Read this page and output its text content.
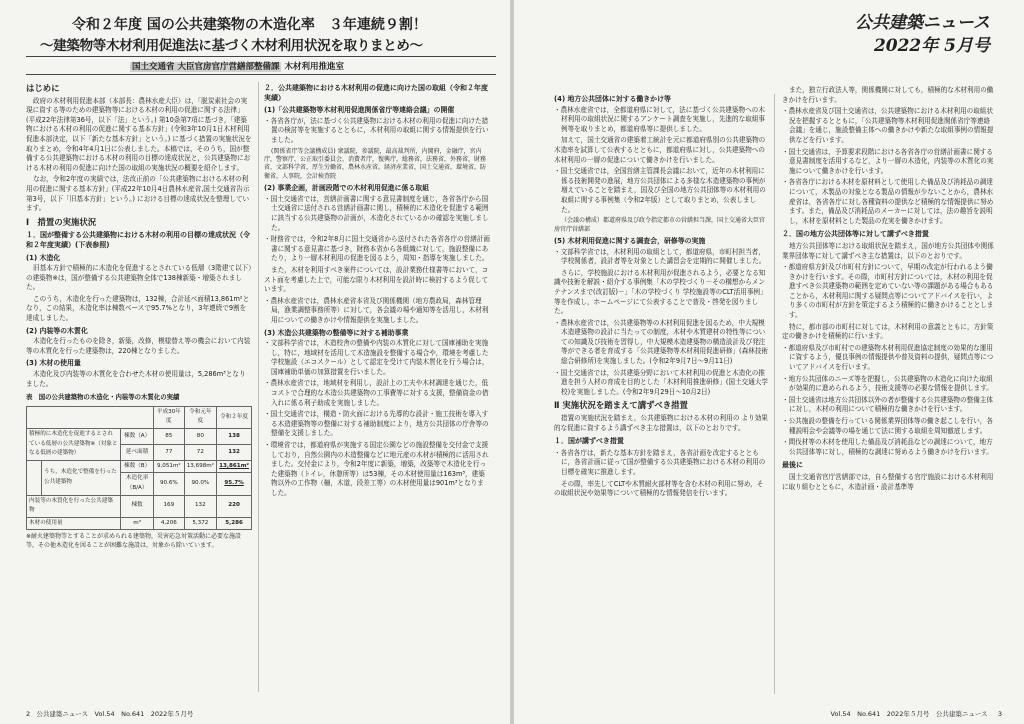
令和２年度 国の公共建築物の木造化率　３年連続９割！
～建築物等木材利用促進法に基づく木材利用状況を取りまとめ～
国土交通省 大臣官房官庁営繕部整備課 木材利用推進室
はじめに

政府の木材利用促進本部（本部長：農林水産大臣）は，「脱炭素社会の実現に資する等のための建築物等における木材の利用の促進に関する法律」(平成22年法律第36号，以下「法」という。) 第10条第7項に基づき，「建築物における木材の利用の促進に関する基本方針」(令和3年10月1日木材利用促進本部決定，以下「新たな基本方針」という。) に基づく措置の実施状況を取りまとめ，令和4年4月1日に公表しました。本稿では，そのうち，国が整備する公共建築物における木材の利用の目標の達成状況と，公共建築物における木材の利用の促進に向けた国の取組の実施状況の概要を紹介します。

なお，令和2年度の実績では，法改正前の「公共建築物における木材の利用の促進に関する基本方針」(平成22年10月4日農林水産省,国土交通省告示第3号，以下「旧基本方針」という。) における目標の達成状況を整理しています。

Ⅰ　措置の実施状況
１．国が整備する公共建築物における木材の利用の目標の達成状況（令和２年度実績）(下表参照)
(1) 木造化

旧基本方針で積極的に木造化を促進するとされている低層（3階建て以下）の建築物※は，国が整備する公共建築物全体で138棟新築・増築されました。

このうち，木造化を行った建築物は，132棟，合計延べ面積13,861m²となり，この結果，木造化率は棟数ベースで95.7%となり，3年連続で9割を達成しました。

(2) 内装等の木質化

木造化を行ったものを除き，新築，改修，模様替え等の機会において内装等の木質化を行った建築物は，220棟となりました。

(3) 木材の使用量

木造化及び内装等の木質化を合わせた木材の使用量は，5,286m³となりました。

表　国の公共建築物の木造化・内装等の木質化の実績
			平成30年度	令和元年度	令和２年度
積極的に木造化を促進するとされている低層の公共建築物※（対象となる低層の建築物）		棟数（A）	85	80	138
		延べ面積	77	72	132
	うち，木造化で整備を行った公共建築物	棟数（B）	9,051m²	13,698m²	13,861m²
		木造化率（B/A）	90.6%	90.0%	95.7%
内装等の木質化を行った公共建築物		棟数	169	132	220
木材の使用量		m³	4,206	5,372	5,286
※耐火建築物等とすることが求められる建築物，災害応急対策活動に必要な施設等，その他木造化を図ることが困難な施設は，対象から除いています。
２．公共建築物における木材利用の促進に向けた国の取組（令和２年度実績）
(1)「公共建築物等木材利用促進関係省庁等連絡会議」の開催

・各省各庁が，法に基づく公共建築物における木材の利用の促進に向けた措置の検討等を実施するとともに，木材利用の取組に関する情報提供を行いました。

(関係省庁等会議構成員) 衆議院，参議院，最高裁判所，内閣府，金融庁，宮内庁，警察庁，公正取引委員会，消費者庁，復興庁，総務省，法務省，外務省，財務省，文部科学省，厚生労働省，農林水産省，経済産業省，国土交通省，環境省，防衛省，人事院，会計検査院

(2) 事業企画，計画段階での木材利用促進に係る取組

・国土交通省では，営繕計画書に関する意見書制度を通じ，各省各庁から国土交通省に送付される営繕計画書に関し，積極的に木造化を促進する範囲に該当する公共建築物の計画が，木造化されているかの確認を実施しました。

・財務省では，令和2年8月に国土交通省から送付された各省各庁の営繕計画書に関する意見書に基づき，財務本省から各組織に対して，施設整備にあたり，より一層木材利用の促進を図るよう，周知・指導を実施しました。

また，木材を利用すべき案件については，設計業務仕様書等において，コスト面を考慮した上で，可能な限り木材利用を設計時に検討するよう促しています。

・農林水産省では，農林水産省本省及び関係機関（地方農政局，森林管理局，漁業調整事務所等）に対して，各会議の場や通知等を活用し，木材利用についての働きかけや情報提供を実施しました。

(3) 木造公共建築物の整備等に対する補助事業

・文部科学省では，木造校舎の整備や内装の木質化に対して国庫補助を実施し，特に，地域材を活用して木造施設を整備する場合や，環境を考慮した学校施設（エコスクール）として認定を受けて内装木質化を行う場合は，国庫補助単価の加算措置を行いました。

・農林水産省では，地域材を利用し，設計上の工夫や木材調達を通じた，低コストで合理的な木造公共建築物の工事費等に対する支援，整備資金の借入れに係る利子助成を実施しました。

・国土交通省では，構造・防火面における先導的な設計・施工技術を導入する木造建築物等の整備に対する補助制度により，地方公共団体の庁舎等の整備を支援しました。

・環境省では，都道府県が実施する国定公園などの施設整備を交付金で支援しており，自然公園内の木造整備などに地元産の木材が積極的に活用されました。交付金により，令和2年度に新築，増築，改築等で木造化を行った建築物（トイレ，休憩所等）は53棟，その木材使用量は163m³，建築物以外の工作物（柵，木道，段差工等）の木材使用量は901m³となりました。

2 公共建築ニュース　Vol.54　No.641　2022年５月号
公共建築ニュース
2022年 5月号
(4) 地方公共団体に対する働きかけ等

・農林水産省では，全都道府県に対して，法に基づく公共建築物への木材利用の取組状況に関するアンケート調査を実施し，先進的な取組事例等を取りまとめ，都道府県等に提供しました。

加えて，国土交通省の建築着工統計を元に都道府県別の公共建築物の木造率を試算して公表するとともに，都道府県に対し，公共建築物への木材利用の一層の促進について働きかけを行いました。

・国土交通省では，全国営繕主管課長会議において，近年の木材利用に係る技術開発の進展，地方公共団体による多様な木造建築物の事例が増えていることを踏まえ，国及び全国の地方公共団体等の木材利用の取組に関する事例集（令和2年版）として取りまとめ，公表しました。

（会議の構成）都道府県及び政令指定都市の営繕担当課，国土交通省大臣官房官庁営繕部

(5) 木材利用促進に関する調査会，研修等の実施

・文部科学省では，木材利用の取組として，都道府県，市町村担当者，学校関係者，設計者等を対象とした講習会を定期的に開催しました。

さらに，学校施設における木材利用が促進されるよう，必要となる知識や技術を解説・紹介する事例集「木の学校づくり－その構想からメンテナンスまで(改訂版)－」「木の学校づくり 学校施設等のCLT活用事例」等を作成し，ホームページにて公表することで普及・啓発を図りました。

・農林水産省では，公共建築物等の木材利用促進を図るため，中大規模木造建築物の設計に当たっての制度，木材や木質建材の特性等についての知識及び技術を習得し，中大規模木造建築物の構造設計及び発注等ができる者を育成する「公共建築物等木材利用促進研修」(森林技術総合研修所)を実施しました。(令和2年9月7日～9月11日)

・国土交通省では，公共建築分野において木材利用の促進と木造化の推進を担う人材の育成を目的とした「木材利用推進研修」(国土交通大学校)を実施しました。(令和2年9月29日～10月2日)

Ⅱ 実施状況を踏まえて講ずべき措置

措置の実施状況を踏まえ，公共建築物における木材の利用の より効果的な促進に資するよう講ずべき主な措置は，以下のとおりです。

１．国が講ずべき措置

・各省各庁は，新たな基本方針を踏まえ，各省計画を改定するとともに，各省計画に従って国が整備する公共建築物における木材の利用の目標を確実に推進します。

その際，率先してCLTや木質耐火部材等を含む木材の利用に努め，その取組状況や効果等について積極的な情報発信を行います。

また，独立行政法人等，関係機関に対しても，積極的な木材利用の働きかけを行います。

・農林水産省及び国土交通省は，公共建築物における木材利用の取組状況を把握するとともに，「公共建築物等木材利用促進関係省庁等連絡会議」を通じ，施設整備主体への働きかけや新たな取組事例の情報提供などを行います。

・国土交通省は，予算要求段階における各省各庁の営繕計画書に関する意見書制度を活用するなど，より一層の木造化，内装等の木質化の実施について働きかけを行います。

・各省各庁における木材を原材料として使用した備品及び消耗品の調達について，木製品の対象となる製品の情報が少ないことから，農林水産省は，各省各庁に対し各種資料の提供など積極的な情報提供に努めます。また，備品及び消耗品のメーカーに対しては，法の趣旨を説明し，木材を原材料とした製品の充実を働きかけます。

２．国の地方公共団体等に対して講ずべき措置

地方公共団体等における取組状況を踏まえ，国が地方公共団体や関係業界団体等に対して講ずべき主な措置は，以下のとおりです。

・都道府県方針及び市町村方針について，早期の改定が行われるよう働きかけを行います。その際，市町村方針については，木材の利用を促進すべき公共建築物の範囲を定めていない等の課題がある場合もあることから，木材利用に関する疑問点等についてアドバイスを行い，より多くの市町村が方針を策定するよう積極的に働きかけることとします。

特に，都市部の市町村に対しては，木材利用の意義とともに，方針策定の働きかけを積極的に行います。

・都道府県及び市町村での建築物木材利用促進協定制度の効果的な運用に資するよう，優良事例の情報提供や普及資料の提供，疑問点等についてアドバイスを行います。

・地方公共団体のニーズ等を把握し，公共建築物の木造化に向けた取組が効果的に進められるよう，技術支援等の必要な情報を提供します。

・国土交通省は地方公共団体以外の者が整備する公共建築物の整備主体に対し，木材の利用について積極的な働きかけを行います。

・公共施設の整備を行っている関係業界団体等の働き起こしを行い，各種説明会や会議等の場を通じて法に関する取組を周知徹底します。

・間伐材等の木材を使用した備品及び消耗品などの調達について，地方公共団体等に対し，積極的な調達に努めるよう働きかけを行います。

最後に

国土交通省官庁営繕部では，自ら整備する官庁施設における木材利用に取り組むとともに，木造計画・設計基準等

Vol.54　No.641　2022年５月号　公共建築ニュース 3
